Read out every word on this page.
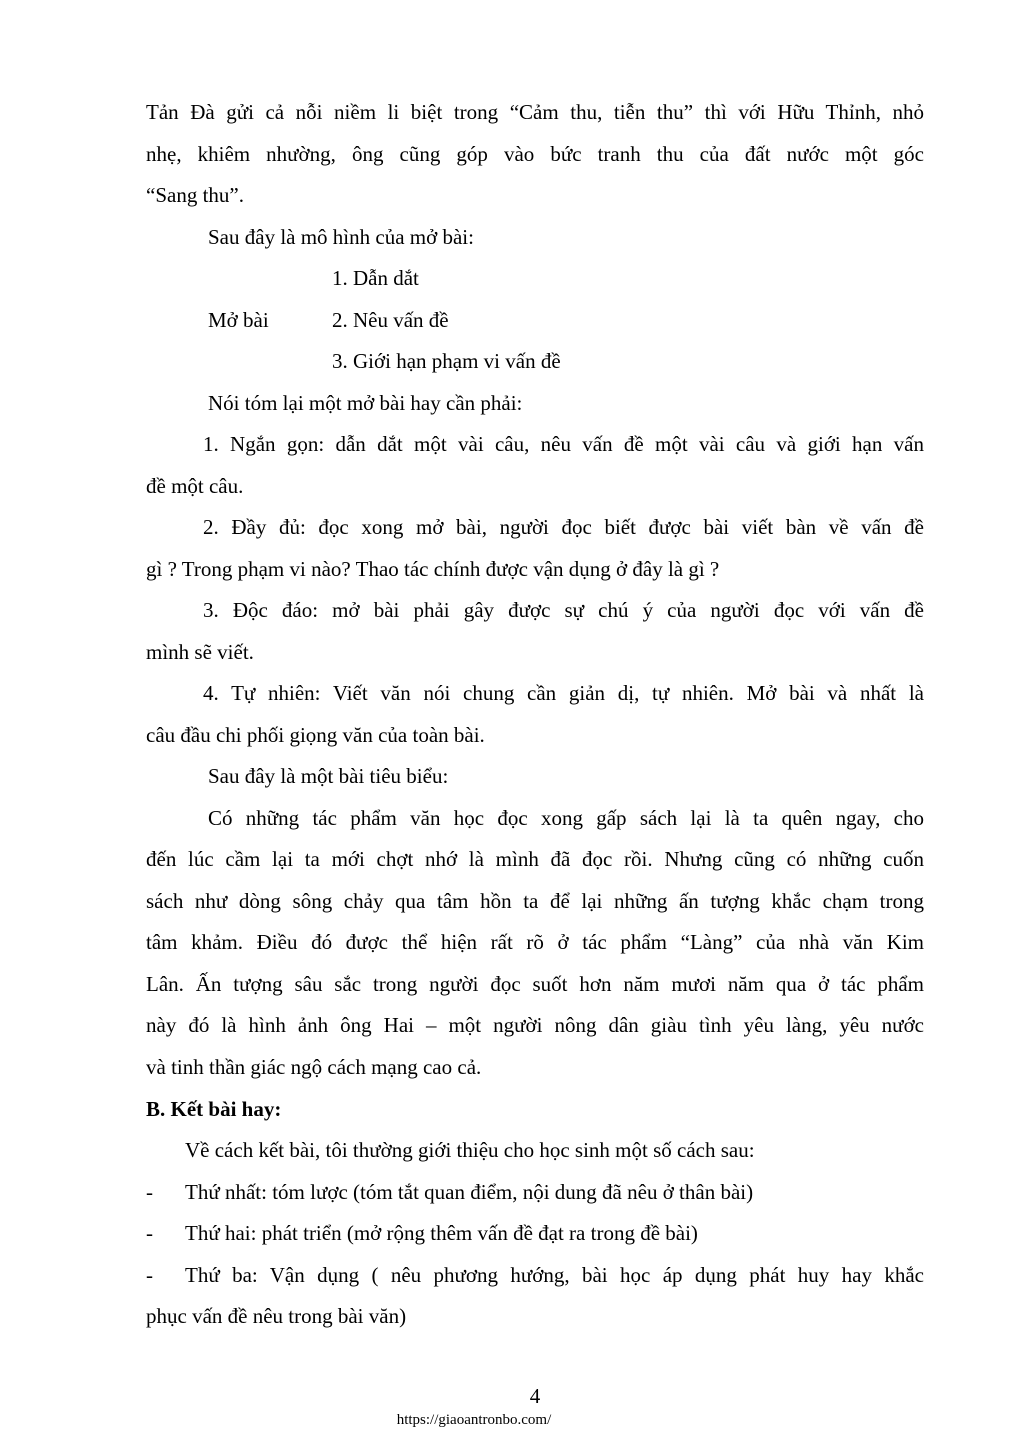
Tản Đà gửi cả nỗi niềm li biệt trong “Cảm thu, tiễn thu” thì với Hữu Thỉnh, nhỏ
nhẹ, khiêm nhường, ông cũng góp vào bức tranh thu của đất nước một góc
“Sang thu”.
Sau đây là mô hình của mở bài:
1. Dẫn dắt
Mở bài	2. Nêu vấn đề
3. Giới hạn phạm vi vấn đề
Nói tóm lại một mở bài hay cần phải:
1. Ngắn gọn: dẫn dắt một vài câu, nêu vấn đề một vài câu và giới hạn vấn
đề một câu.
2. Đầy đủ: đọc xong mở bài, người đọc biết được bài viết bàn về vấn đề
gì ? Trong phạm vi nào? Thao tác chính được vận dụng ở đây là gì ?
3. Độc đáo: mở bài phải gây được sự chú ý của người đọc với vấn đề
mình sẽ viết.
4. Tự nhiên: Viết văn nói chung cần giản dị, tự nhiên. Mở bài và nhất là
câu đầu chi phối giọng văn của toàn bài.
Sau đây là một bài tiêu biểu:
Có những tác phẩm văn học đọc xong gấp sách lại là ta quên ngay, cho
đến lúc cầm lại ta mới chợt nhớ là mình đã đọc rồi. Nhưng cũng có những cuốn
sách như dòng sông chảy qua tâm hồn ta để lại những ấn tượng khắc chạm trong
tâm khảm. Điều đó được thể hiện rất rõ ở tác phẩm “Làng” của nhà văn Kim
Lân. Ấn tượng sâu sắc trong người đọc suốt hơn năm mươi năm qua ở tác phẩm
này đó là hình ảnh ông Hai – một người nông dân giàu tình yêu làng, yêu nước
và tinh thần giác ngộ cách mạng cao cả.
B. Kết bài hay:
Về cách kết bài, tôi thường giới thiệu cho học sinh một số cách sau:
- Thứ nhất: tóm lược (tóm tắt quan điểm, nội dung đã nêu ở thân bài)
- Thứ hai: phát triển (mở rộng thêm vấn đề đạt ra trong đề bài)
- Thứ ba: Vận dụng ( nêu phương hướng, bài học áp dụng phát huy hay khắc
phục vấn đề nêu trong bài văn)
4
https://giaoantronbo.com/
